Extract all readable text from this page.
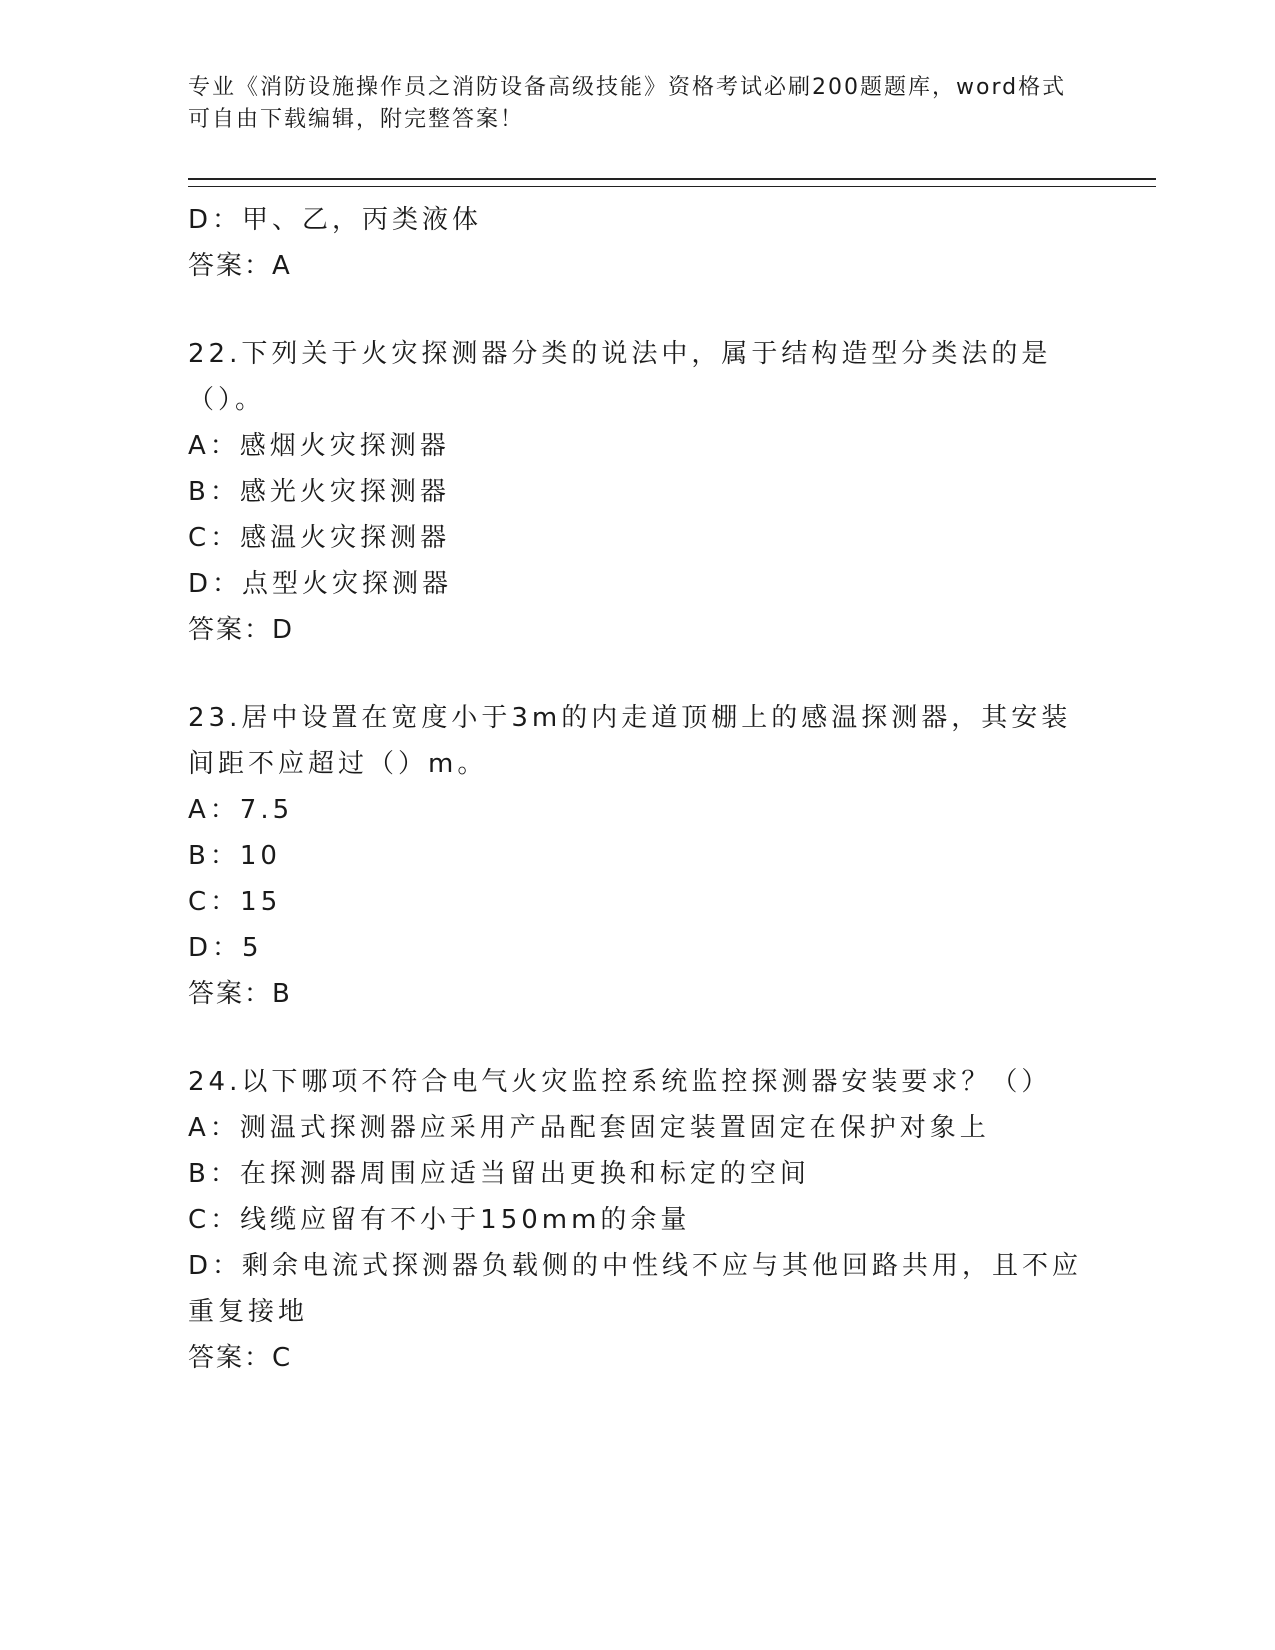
专业《消防设施操作员之消防设备高级技能》资格考试必刷200题题库，word格式可自由下载编辑，附完整答案！

D：甲、乙，丙类液体

答案：A

22.下列关于火灾探测器分类的说法中，属于结构造型分类法的是（）。

A：感烟火灾探测器

B：感光火灾探测器

C：感温火灾探测器

D：点型火灾探测器

答案：D

23.居中设置在宽度小于3m的内走道顶棚上的感温探测器，其安装间距不应超过（）m。

A：7.5

B：10

C：15

D：5

答案：B

24.以下哪项不符合电气火灾监控系统监控探测器安装要求？（）

A：测温式探测器应采用产品配套固定装置固定在保护对象上

B：在探测器周围应适当留出更换和标定的空间

C：线缆应留有不小于150mm的余量

D：剩余电流式探测器负载侧的中性线不应与其他回路共用，且不应重复接地

答案：C
